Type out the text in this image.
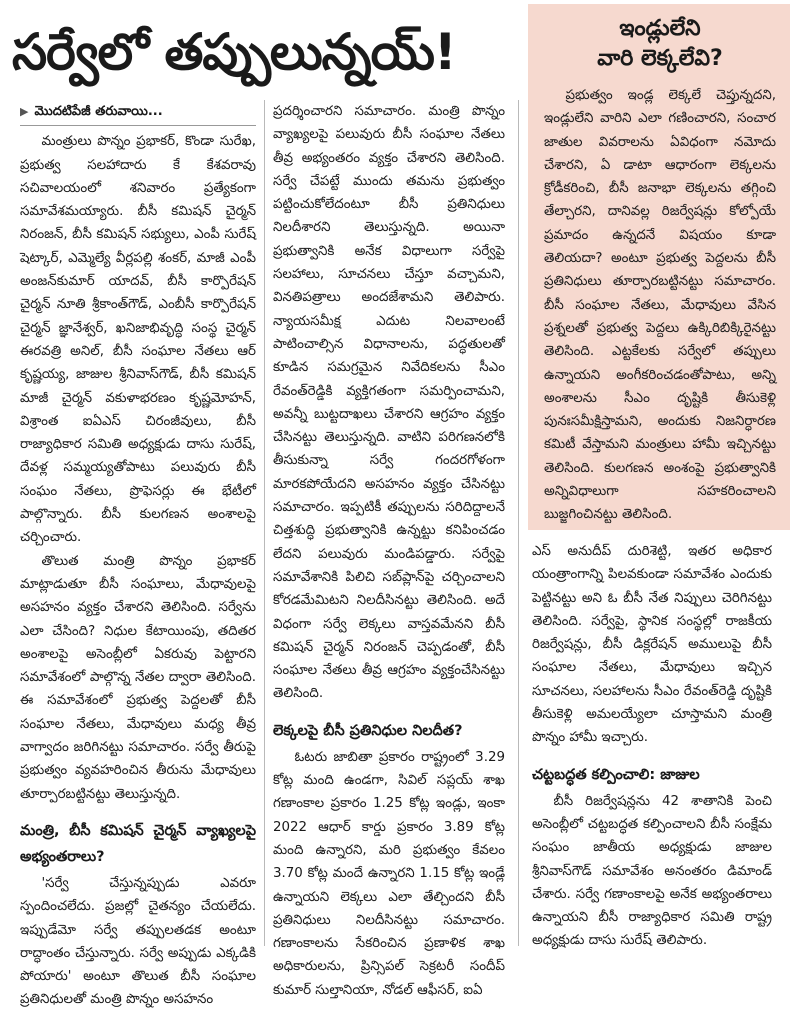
సర్వేలో తప్పులున్నయ్!
▶ మొదటిపేజీ తరువాయి...

మంత్రులు పొన్నం ప్రభాకర్, కొండా సురేఖ, ప్రభుత్వ సలహాదారు కే కేశవరావు సచివాలయంలో శనివారం ప్రత్యేకంగా సమావేశమయ్యారు. బీసీ కమిషన్ చైర్మన్ నిరంజన్, బీసీ కమిషన్ సభ్యులు, ఎంపీ సురేష్ షెట్కార్, ఎమ్మెల్యే వీర్లపల్లి శంకర్, మాజీ ఎంపీ అంజన్‌కుమార్ యాదవ్, బీసీ కార్పొరేషన్ చైర్మన్ నూతి శ్రీకాంత్‌గౌడ్, ఎంబీసీ కార్పొరేషన్ చైర్మన్ జ్ఞానేశ్వర్, ఖనిజాభివృద్ధి సంస్థ చైర్మన్ ఈరవత్రి అనిల్, బీసీ సంఘాల నేతలు ఆర్ కృష్ణయ్య, జాజుల శ్రీనివాస్‌గౌడ్, బీసీ కమిషన్ మాజీ చైర్మన్ వకుళాభరణం కృష్ణమోహన్, విశ్రాంత ఐఏఎస్ చిరంజీవులు, బీసీ రాజ్యాధికార సమితి అధ్యక్షుడు దాసు సురేష్, దేవళ్ల సమ్మయ్యతోపాటు పలువురు బీసీ సంఘం నేతలు, ప్రొఫెసర్లు ఈ భేటీలో పాల్గొన్నారు. బీసీ కులగణన అంశాలపై చర్చించారు.

తొలుత మంత్రి పొన్నం ప్రభాకర్ మాట్లాడుతూ బీసీ సంఘాలు, మేధావులపై అసహనం వ్యక్తం చేశారని తెలిసింది. సర్వేను ఎలా చేసింది? నిధుల కేటాయింపు, తదితర అంశాలపై అసెంబ్లీలో ఏకరువు పెట్టారని సమావేశంలో పాల్గొన్న నేతల ద్వారా తెలిసింది. ఈ సమావేశంలో ప్రభుత్వ పెద్దలతో బీసీ సంఘాల నేతలు, మేధావులు మధ్య తీవ్ర వాగ్వాదం జరిగినట్టు సమాచారం. సర్వే తీరుపై ప్రభుత్వం వ్యవహరించిన తీరును మేధావులు తూర్పారబట్టినట్టు తెలుస్తున్నది.

మంత్రి, బీసీ కమిషన్ చైర్మన్ వ్యాఖ్యలపై అభ్యంతరాలు?

'సర్వే చేస్తున్నప్పుడు ఎవరూ స్పందించలేదు. ప్రజల్లో చైతన్యం చేయలేదు. ఇప్పుడేమో సర్వే తప్పులతడక అంటూ రాద్ధాంతం చేస్తున్నారు. సర్వే అప్పుడు ఎక్కడికి పోయారు' అంటూ తొలుత బీసీ సంఘాల ప్రతినిధులతో మంత్రి పొన్నం అసహనం

ప్రదర్శించారని సమాచారం. మంత్రి పొన్నం వ్యాఖ్యలపై పలువురు బీసీ సంఘాల నేతలు తీవ్ర అభ్యంతరం వ్యక్తం చేశారని తెలిసింది. సర్వే చేపట్టే ముందు తమను ప్రభుత్వం పట్టించుకోలేదంటూ బీసీ ప్రతినిధులు నిలదీశారని తెలుస్తున్నది. అయినా ప్రభుత్వానికి అనేక విధాలుగా సర్వేపై సలహాలు, సూచనలు చేస్తూ వచ్చామని, వినతిపత్రాలు అందజేశామని తెలిపారు. న్యాయసమీక్ష ఎదుట నిలవాలంటే పాటించాల్సిన విధానాలను, పద్ధతులతో కూడిన సమగ్రమైన నివేదికలను సీఎం రేవంత్‌రెడ్డికి వ్యక్తిగతంగా సమర్పించామని, అవన్నీ బుట్టదాఖలు చేశారని ఆగ్రహం వ్యక్తం చేసినట్టు తెలుస్తున్నది. వాటిని పరిగణనలోకి తీసుకున్నా సర్వే గందరగోళంగా మారకపోయేదని అసహనం వ్యక్తం చేసినట్టు సమాచారం. ఇప్పటికీ తప్పులను సరిదిద్దాలనే చిత్తశుద్ధి ప్రభుత్వానికి ఉన్నట్టు కనిపించడం లేదని పలువురు మండిపడ్డారు. సర్వేపై సమావేశానికి పిలిచి సబ్‌ప్లాన్‌పై చర్చించాలని కోరడమేమిటని నిలదీసినట్టు తెలిసింది. అదే విధంగా సర్వే లెక్కలు వాస్తవమేనని బీసీ కమిషన్ చైర్మన్ నిరంజన్ చెప్పడంతో, బీసీ సంఘాల నేతలు తీవ్ర ఆగ్రహం వ్యక్తంచేసినట్టు తెలిసింది.

లెక్కలపై బీసీ ప్రతినిధుల నిలదీత?

ఓటరు జాబితా ప్రకారం రాష్ట్రంలో 3.29 కోట్ల మంది ఉండగా, సివిల్ సప్లయ్ శాఖ గణాంకాల ప్రకారం 1.25 కోట్ల ఇండ్లు, ఇంకా 2022 ఆధార్ కార్డు ప్రకారం 3.89 కోట్ల మంది ఉన్నారని, మరి ప్రభుత్వం కేవలం 3.70 కోట్ల మందే ఉన్నారని 1.15 కోట్ల ఇండ్లే ఉన్నాయని లెక్కలు ఎలా తేల్చిందని బీసీ ప్రతినిధులు నిలదీసినట్టు సమాచారం. గణాంకాలను సేకరించిన ప్రణాళిక శాఖ అధికారులను, ప్రిన్సిపల్ సెక్రటరీ సందీప్ కుమార్ సుల్తానియా, నోడల్ ఆఫీసర్, ఐఏ

ఇండ్లులేని
వారి లెక్కలేవి?

ప్రభుత్వం ఇండ్ల లెక్కలే చెప్తున్నదని, ఇండ్లులేని వారిని ఎలా గణించారని, సంచార జాతుల వివరాలను ఏవిధంగా నమోదు చేశారని, ఏ డాటా ఆధారంగా లెక్కలను క్రోడీకరించి, బీసీ జనాభా లెక్కలను తగ్గించి తేల్చారని, దానివల్ల రిజర్వేషన్లు కోల్పోయే ప్రమాదం ఉన్నదనే విషయం కూడా తెలియదా? అంటూ ప్రభుత్వ పెద్దలను బీసీ ప్రతినిధులు తూర్పారబట్టినట్టు సమాచారం. బీసీ సంఘాల నేతలు, మేధావులు వేసిన ప్రశ్నలతో ప్రభుత్వ పెద్దలు ఉక్కిరిబిక్కిరైనట్టు తెలిసింది. ఎట్టకేలకు సర్వేలో తప్పులు ఉన్నాయని అంగీకరించడంతోపాటు, అన్ని అంశాలను సీఎం దృష్టికి తీసుకెళ్లి పునఃసమీక్షిస్తామని, అందుకు నిజనిర్ధారణ కమిటీ వేస్తామని మంత్రులు హామీ ఇచ్చినట్టు తెలిసింది. కులగణన అంశంపై ప్రభుత్వానికి అన్నివిధాలుగా సహకరించాలని బుజ్జగించినట్టు తెలిసింది.

ఎస్ అనుదీప్ దురిశెట్టి, ఇతర అధికార యంత్రాంగాన్ని పిలవకుండా సమావేశం ఎందుకు పెట్టినట్టు అని ఓ బీసీ నేత నిప్పులు చెరిగినట్టు తెలిసింది. సర్వేపై, స్థానిక సంస్థల్లో రాజకీయ రిజర్వేషన్లు, బీసీ డిక్లరేషన్ అములుపై బీసీ సంఘాల నేతలు, మేధావులు ఇచ్చిన సూచనలు, సలహాలను సీఎం రేవంత్‌రెడ్డి దృష్టికి తీసుకెళ్లి అమలయ్యేలా చూస్తామని మంత్రి పొన్నం హామీ ఇచ్చారు.

చట్టబద్ధత కల్పించాలి: జాజుల

బీసీ రిజర్వేషన్లను 42 శాతానికి పెంచి అసెంబ్లీలో చట్టబద్ధత కల్పించాలని బీసీ సంక్షేమ సంఘం జాతీయ అధ్యక్షుడు జాజుల శ్రీనివాస్‌గౌడ్ సమావేశం అనంతరం డిమాండ్ చేశారు. సర్వే గణాంకాలపై అనేక అభ్యంతరాలు ఉన్నాయని బీసీ రాజ్యాధికార సమితి రాష్ట్ర అధ్యక్షుడు దాసు సురేష్ తెలిపారు.
